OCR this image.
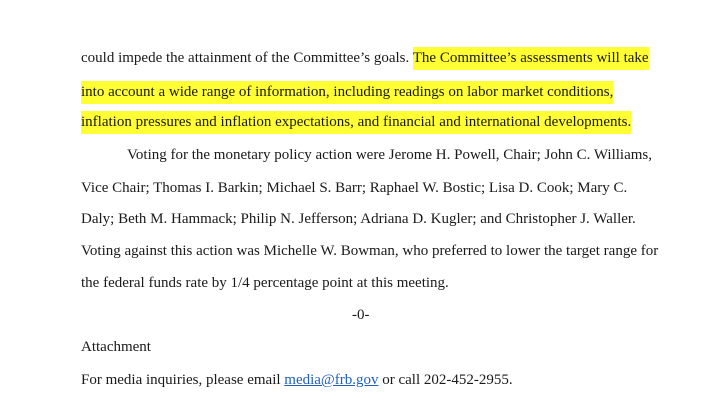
could impede the attainment of the Committee’s goals. The Committee’s assessments will take
into account a wide range of information, including readings on labor market conditions,
inflation pressures and inflation expectations, and financial and international developments.
Voting for the monetary policy action were Jerome H. Powell, Chair; John C. Williams,
Vice Chair; Thomas I. Barkin; Michael S. Barr; Raphael W. Bostic; Lisa D. Cook; Mary C.
Daly; Beth M. Hammack; Philip N. Jefferson; Adriana D. Kugler; and Christopher J. Waller.
Voting against this action was Michelle W. Bowman, who preferred to lower the target range for
the federal funds rate by 1/4 percentage point at this meeting.
-0-
Attachment
For media inquiries, please email media@frb.gov or call 202-452-2955.
